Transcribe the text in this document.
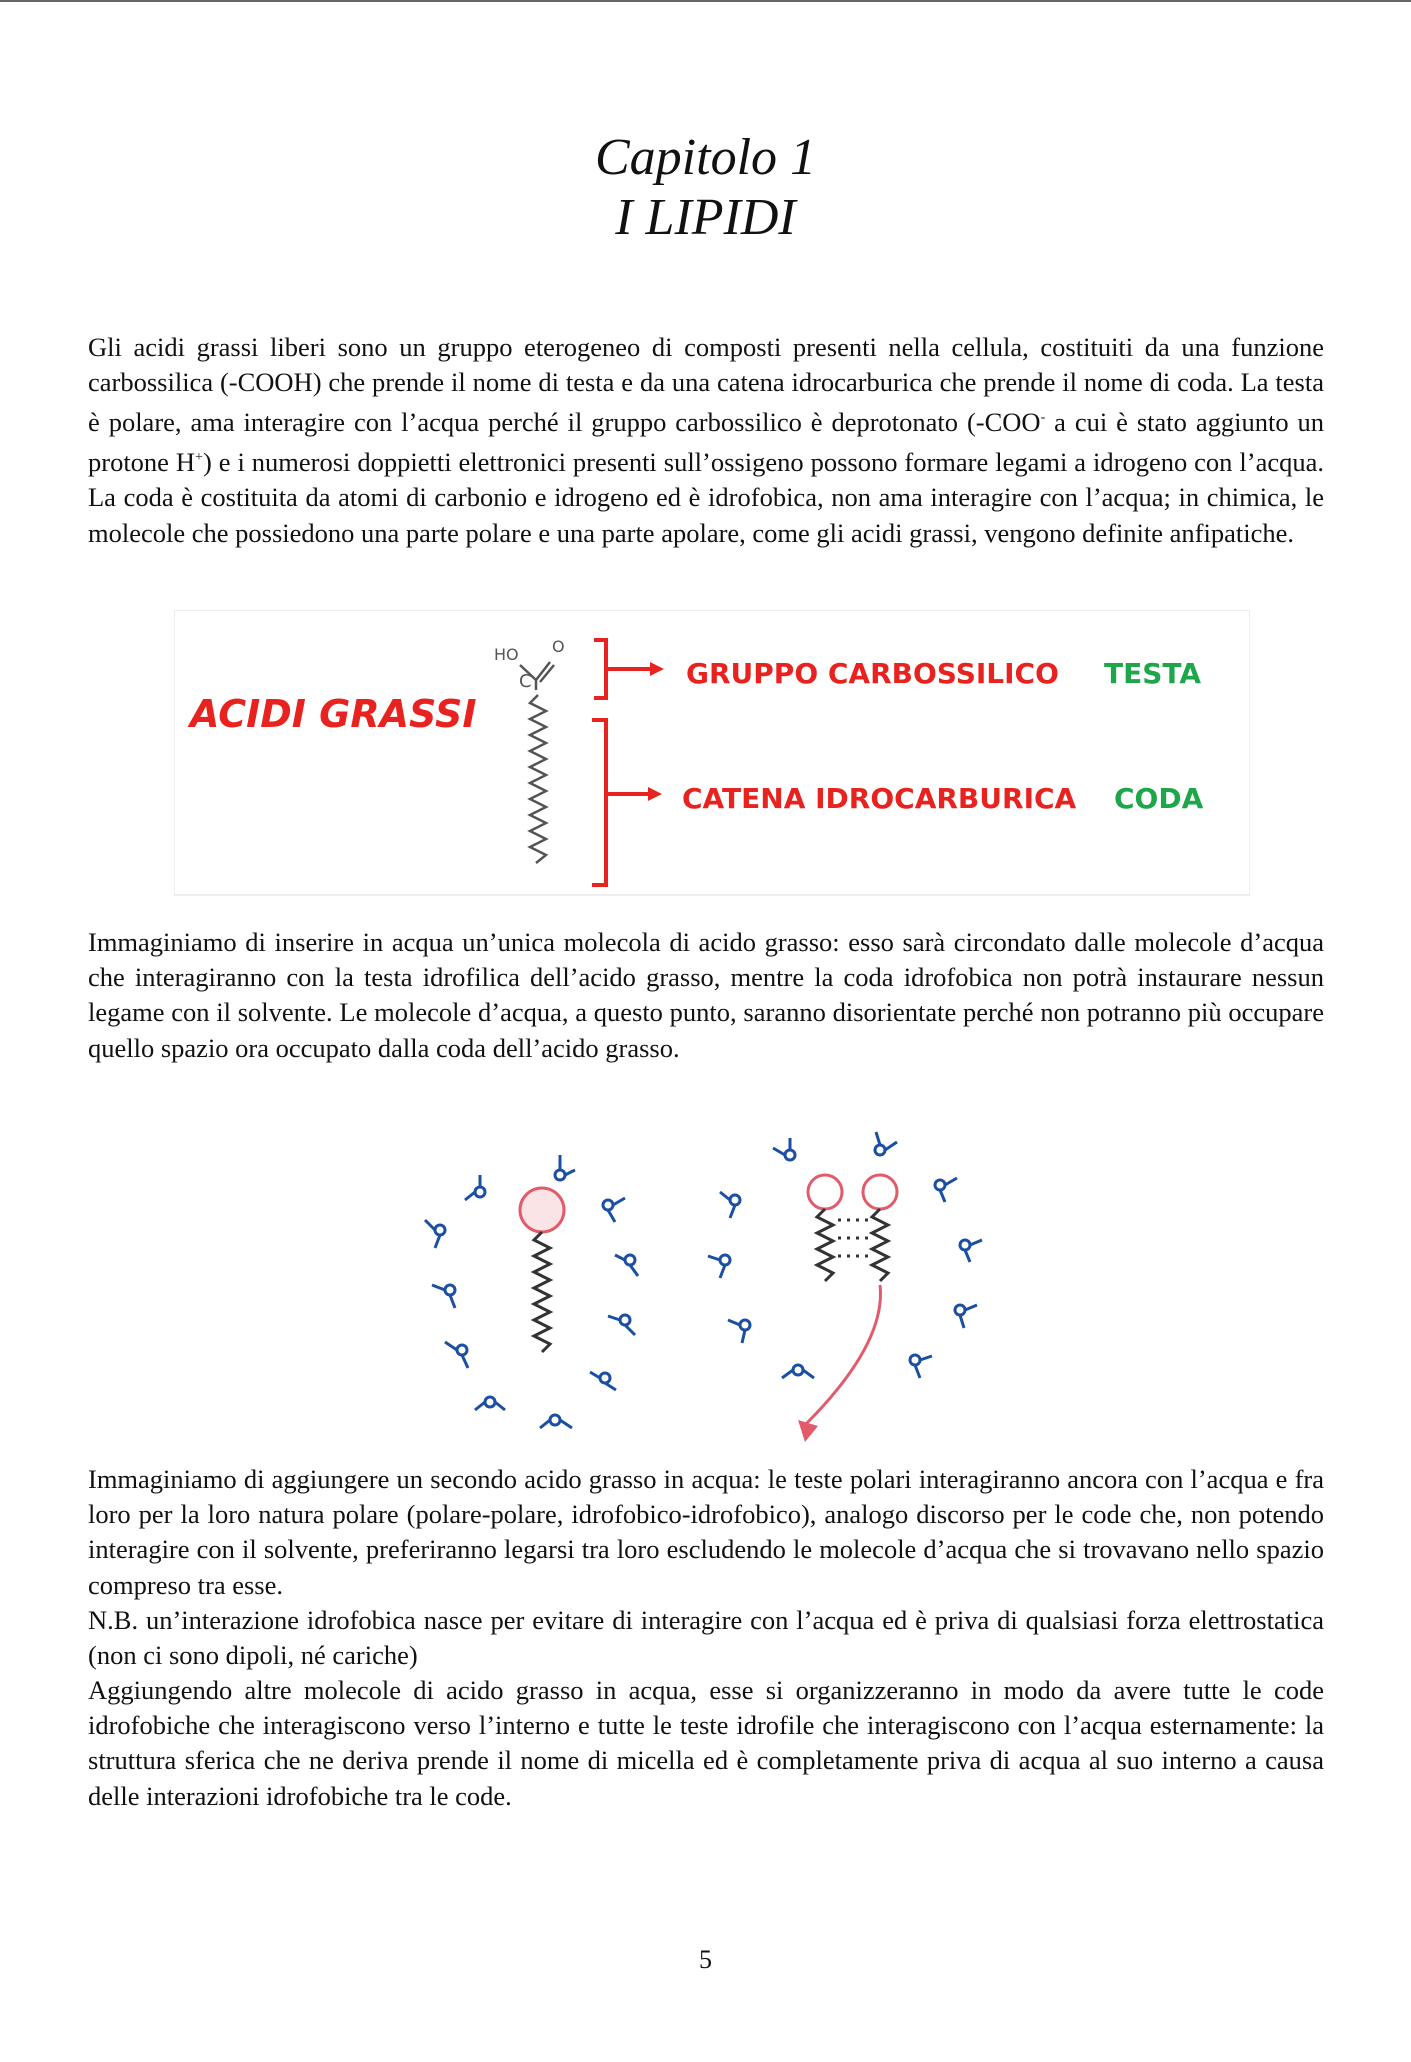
Capitolo 1
I LIPIDI

Gli acidi grassi liberi sono un gruppo eterogeneo di composti presenti nella cellula, costituiti da una funzione carbossilica (-COOH) che prende il nome di testa e da una catena idrocarburica che prende il nome di coda. La testa è polare, ama interagire con l’acqua perché il gruppo carbossilico è deprotonato (-COO- a cui è stato aggiunto un protone H+) e i numerosi doppietti elettronici presenti sull’ossigeno possono formare legami a idrogeno con l’acqua. La coda è costituita da atomi di carbonio e idrogeno ed è idrofobica, non ama interagire con l’acqua; in chimica, le molecole che possiedono una parte polare e una parte apolare, come gli acidi grassi, vengono definite anfipatiche.

ACIDI GRASSI
C
HO O
GRUPPO CARBOSSILICO TESTA
CATENA IDROCARBURICA CODA

Immaginiamo di inserire in acqua un’unica molecola di acido grasso: esso sarà circondato dalle molecole d’acqua che interagiranno con la testa idrofilica dell’acido grasso, mentre la coda idrofobica non potrà instaurare nessun legame con il solvente. Le molecole d’acqua, a questo punto, saranno disorientate perché non potranno più occupare quello spazio ora occupato dalla coda dell’acido grasso.

Immaginiamo di aggiungere un secondo acido grasso in acqua: le teste polari interagiranno ancora con l’acqua e fra loro per la loro natura polare (polare-polare, idrofobico-idrofobico), analogo discorso per le code che, non potendo interagire con il solvente, preferiranno legarsi tra loro escludendo le molecole d’acqua che si trovavano nello spazio compreso tra esse.

N.B. un’interazione idrofobica nasce per evitare di interagire con l’acqua ed è priva di qualsiasi forza elettrostatica (non ci sono dipoli, né cariche)

Aggiungendo altre molecole di acido grasso in acqua, esse si organizzeranno in modo da avere tutte le code idrofobiche che interagiscono verso l’interno e tutte le teste idrofile che interagiscono con l’acqua esternamente: la struttura sferica che ne deriva prende il nome di micella ed è completamente priva di acqua al suo interno a causa delle interazioni idrofobiche tra le code.

5
